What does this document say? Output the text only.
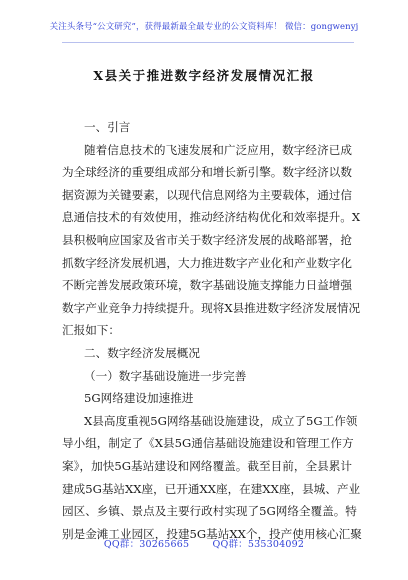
关注头条号“公文研究”，获得最新最全最专业的公文资料库！ 微信：gongwenyj
X县关于推进数字经济发展情况汇报
一、引言
随着信息技术的飞速发展和广泛应用，数字经济已成
为全球经济的重要组成部分和增长新引擎。数字经济以数
据资源为关键要素，以现代信息网络为主要载体，通过信
息通信技术的有效使用，推动经济结构优化和效率提升。X
县积极响应国家及省市关于数字经济发展的战略部署，抢
抓数字经济发展机遇，大力推进数字产业化和产业数字化
不断完善发展政策环境，数字基础设施支撑能力日益增强
数字产业竞争力持续提升。现将X县推进数字经济发展情况
汇报如下：
二、数字经济发展概况
（一）数字基础设施进一步完善
5G网络建设加速推进
X县高度重视5G网络基础设施建设，成立了5G工作领
导小组，制定了《X县5G通信基础设施建设和管理工作方
案》，加快5G基站建设和网络覆盖。截至目前，全县累计
建成5G基站XX座，已开通XX座，在建XX座，县城、产业
园区、乡镇、景点及主要行政村实现了5G网络全覆盖。特
别是金滩工业园区，投建5G基站XX个，投产使用核心汇聚
QQ群：30265665 QQ群：535304092
